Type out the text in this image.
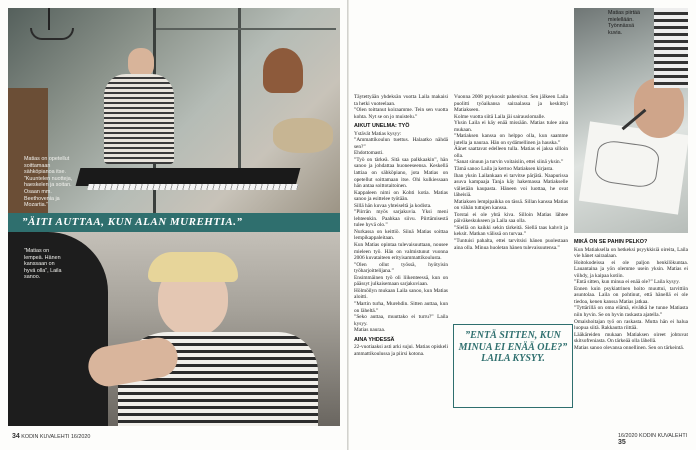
Matias on opetellut soittamaan sähköpianoa itse. ”Kuuntelen nuotteja, haeskelen ja soitan. Osaan mm. Beethovenia ja Mozartia.”
”ÄITI AUTTAA, KUN ALAN MUREHTIA.”
”Matias on lempeä. Hänen kanssaan on hyvä olla”, Laila sanoo.
34 KODIN KUVALEHTI 16/2020

Täytettyään yhdeksän vuotta Laila makaisi ta hetki vuoteelaan.

”Olen toittanut koiraamme. Tein sen vuotta kohta. Nyt se on jo muistelu.”

AIKUT UNELMA: TYÖ

Ystävät Matias kysyy:

”Ammattikoulun tuettus. Halaatko nähdä sen?”

Ehdottomasti.

”Työ on tärkeä. Sitä saa palkkaakin”, hän sanoo ja johdattaa huoneeseensa. Keskellä lattiaa on sähköpiano, jota Matias on opetellut soittamaan itse. Ohi kulkiessaan hän antaa soittotaitoinen.

Kappaleen nimi on Kohti kotia. Matias sanoo ja esittelee työtään.

Sillä hän kuvaa yhteiseltä ja kodista.

”Piirrän myös sarjakuvia. Yksi meni lehteenkin. Paahkaa siivu. Piirtämisestä tulee hyvä olo.”

Nurkassa on keittiö. Siinä Matias soittaa lempikappaleitaan.

Kun Matias opintaa tulevaisuuttaan, nousee mieleen työ. Hän on valmistunut vuonna 2006 kuvataiteen erityisammattikoulusta.

”Olen ollut työssä, hyötyisin työharjoittelijana.”

Ensimmäinen työ oli liikenteessä, kun on päässyt julkaisemaan sarjakuviaan.

Hölmöilyn mukaan Laila sanoo, kun Matias aloitti.

”Martin turha, Murehdin. Sitten auttaa, kun on läheltä.”

”Seko auttaa, muuttako ei turru?” Laila kysyy.

Matias nauraa.

AINA YHDESSÄ

22-vuotiaaksi asti arki sujui. Matias opiskeli ammattikoulussa ja piirsi kotona.

Vuonna 2008 psykoosit pahenivat. Sen jälkeen Laila puolitti työaikansa sairaalassa ja keskittyi Matiakseen.

Kolme vuotta siitä Laila jäi sairauslomalle.

Yksin Laila ei käy enää missään. Matias tulee aina mukaan.

”Matiaksen kanssa on helppo olla, kun saamme jutella ja nauraa. Hän on sydämellinen ja hauska.”

Äänet saattavat edelleen tulla. Matias ei jaksa silloin olla.

”Sanat sinuun ja turvin voitaisiin, ettei siinä yksin.”

Tämä sanoo Laila ja kertoo Matiaksen kirjasta.

Ihan yksin Lailankaan ei tarvitse pärjätä. Naapurissa asuva kampaaja Tanja käy hakemassa Matiakselle välietään kaupasta. Häneen voi luottaa, he ovat läheisiä.

Matiaksen lempipaikka on tässä. Sillan kanssa Matias on vähän tuttujen kanssa.

Torstai ei ole yhtä kiva. Silloin Matias lähtee päiväkeskukseen ja Laila saa olla.

”Siellä on kaikki sekin tärkeitä. Siellä taas kahvit ja keksit. Matkan välissä on turvaa.”

”Tuntuisi pahalta, ettei tarvitsisi hänen puolestaan aina olla. Minua huoletan hänen tulevaisuutensa.”

”ENTÄ SITTEN, KUN MINUA EI ENÄÄ OLE?” LAILA KYSYY.
Matias piirtää mielellään. Työnnässä kuvia.

MIKÄ ON SE PAHIN PELKO?

Kun Matiaksella on hetkeksi psyykkisiä oireita, Laila vie hänet sairaalaan.

Hoitokodeissa ei ole paljon henkilökuntaa. Lauantaina ja yön olemme usein yksin. Matias ei viihdy, ja kaipaa kotiin.

”Entä sitten, kun minua ei enää ole?” Laila kysyy.

Ennen kuin psykiatrinen hoito muuttui, tarvittiin asuntolaa. Laila on pohtinut, että hänellä ei ole tiedoa, kenen kanssa Matias jatkaa.

”Tyttärillä on oma elämä, eivätkä he tunne Matiasta niin hyvin. Se on hyvin raskasta ajatella.”

Omaishoitajan työ on raskasta. Mutta hän ei halua luopua siitä. Rakkautta riittää.

Lääkäreiden mukaan Matiaksen oireet johtuvat skitsofreniasta. On tärkeää olla lähellä.

Matias sanoo olevansa onnellinen. Sen on tärkeintä.

16/2020 KODIN KUVALEHTI 35
